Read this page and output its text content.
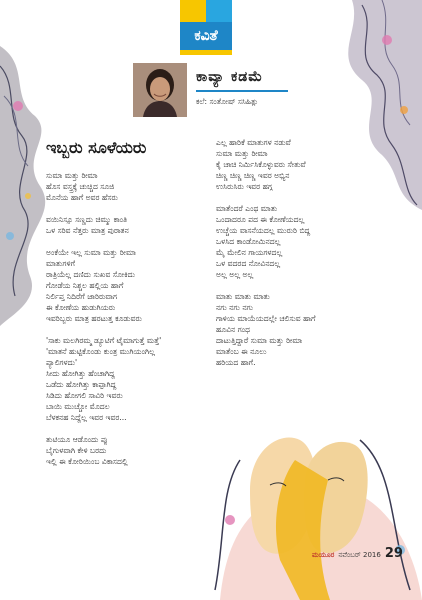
ಕವಿತೆ
ಕಾವ್ಯಾ ಕಡಮೆ
ಕಲೆ: ಸಂತೋಷ್ ಸಸಿಹಿತ್ಲು
ಇಬ್ಬರು ಸೂಳೆಯರು
ಸುಮಾ ಮತ್ತು ರೀಮಾ
ಹೊಸ ವಸ್ತ್ರಕ್ಕೆ ಚುಚ್ಚಿದ ಸೂಜಿ
ಮೊನೆಯ ಹಾಗೆ ಅವರ ಹೆಸರು
ವಯಿನಿಸ್ಸೂ ಸಣ್ಣದು ಚಿಮ್ಮು ಕಾಂತಿ
ಒಳ ಸರಿವ ನೆತ್ತರು ಮಾತ್ರ ಪುರಾತನ
ಅಂಕೆಯೇ ಇಲ್ಲ ಸುಮಾ ಮತ್ತು ರೀಮಾ
ಮಾತುಗಳಿಗೆ
ರಾತ್ರಿಯೆಲ್ಲ ದಣಿದು ಸುಖವ ಸೋಕಿದು
ಗೋಡೆಯ ನಿಶ್ಚಲ ಹಲ್ಲಿಯ ಹಾಗೆ
ನಿರ್ಲಿಪ್ತ ನಿದಿರೆಗೆ ಜಾರಿರುವಾಗ
ಈ ಕೋಣೆಯ ಹುಡುಗಿಯರು
ಇವರಿಬ್ಬರು ಮಾತ್ರ ಹರಟುತ್ತ ಕೂಡುವರು
'ಸಾಕು ಮಲಗಿರಮ್ಮ ಡ್ಯೂಟಿಗೆ ಟೈಮಾಗುತ್ತೆ ಮತ್ತೆ'
'ಮಾತನೆ ಹುಟ್ಟಿಕೊಂಡು ಕುಂತ್ರ ಮುಗಿಯಂಗಿಲ್ಲ
ಪ್ಯಾಲಿಗಳದು'
ಸೀದು ಹೋಗಿತ್ತು ಹೆಂಚಾಗಿದ್ದ
ಒಡೆದು ಹೋಗಿತ್ತು ಕಾಪ್ಪಾಗಿದ್ದ
ಸಿಡಿದು ಹೋಗಲಿ ಸಾವಿರಿ ಇವರು
ಬಾಯಿ ಮುಚ್ಚೋ ಮೊದಲ
ಬೆಳಕನಹ ನಿದ್ದೆಲ್ಲ ಇವರ ಇವರ...
ತುಟಿಯೂ ಆಡೊಂದು ಪ್ಪು
ಬೈಗುಳವಾಗಿ ಕೇಳಿ ಬರದು
ಇಲ್ಲಿ ಈ ಕೋರಿಯಿಂಬ ವಿಕಾಸದಲ್ಲಿ
ಎಲ್ಲ ಹಾರಿಕೆ ಮಾತುಗಳ ನಡುವೆ
ಸುಮಾ ಮತ್ತು ರೀಮಾ
ಕೈ ಚಾಚಿ ನಿರ್ಮಿಸಿಕೊಳ್ಳುವರು ಸೇತುವೆ
ಚಿಣ್ಣ ಚಿಣ್ಣ ಚಿಣ್ಣ ಇವರ ಅಭ್ಯಿನ
ಉಸಿರುಸಿರು ಇವರ ಹಗ್ಗ
ಮಾತೆಂದರೆ ಎಂಥ ಮಾತು
ಒಂದಾದರೂ ಪದ ಈ ಕೋಣೆಯದಲ್ಲ
ಉಚ್ಚೆಯ ವಾಸನೆಯದಲ್ಲ ಮುರುರಿ ಬಿದ್ದ
ಒಳಸಿದ ಕಾಂಡೋಮಿನದಲ್ಲ
ಮೈ ಮೇಲಿನ ಗಾಯಗಳದಲ್ಲ
ಒಳ ವದರದ ನೋವಿನದಲ್ಲ
ಅಲ್ಲ ಅಲ್ಲ ಅಲ್ಲ
ಮಾತು ಮಾತು ಮಾತು
ನಗು ನಗು ನಗು
ಗಾಳಿಯ ಮಾಯೆಯದಲ್ಲೇ ಚಲಿಸುವ ಹಾಗೆ
ಹೂವಿನ ಗಂಧ
ದಾಟುತ್ತಿದ್ದಾರೆ ಸುಮಾ ಮತ್ತು ರೀಮಾ
ಮಾತೆಂಬ ಈ ನೂಲು
ಹರಿಯದ ಹಾಗೆ.
ಮಯೂರ ನವೆಂಬರ್ 2016 29
